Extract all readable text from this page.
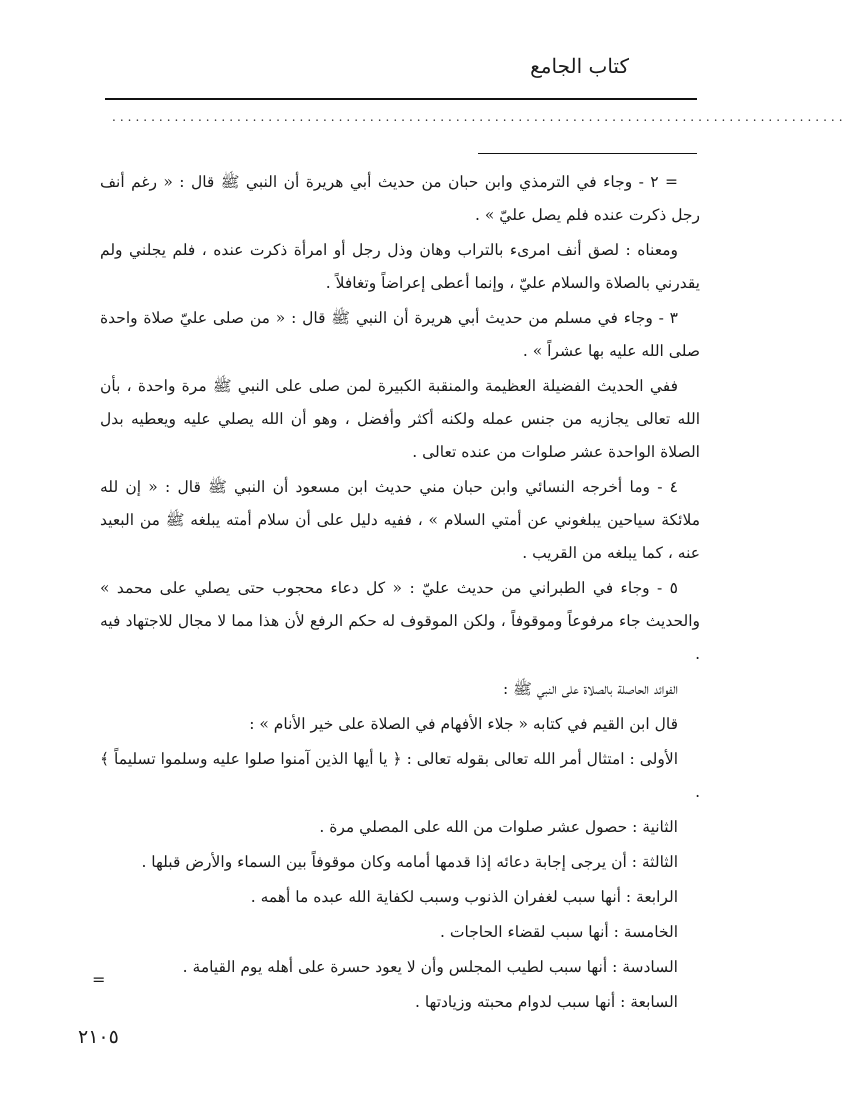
كتاب الجامع
..............................................................................................

= ٢ - وجاء في الترمذي وابن حبان من حديث أبي هريرة أن النبي ﷺ قال : « رغم أنف رجل ذكرت عنده فلم يصل عليّ » .

ومعناه : لصق أنف امرىء بالتراب وهان وذل رجل أو امرأة ذكرت عنده ، فلم يجلني ولم يقدرني بالصلاة والسلام عليّ ، وإنما أعطى إعراضاً وتغافلاً .

٣ - وجاء في مسلم من حديث أبي هريرة أن النبي ﷺ قال : « من صلى عليّ صلاة واحدة صلى الله عليه بها عشراً » .

ففي الحديث الفضيلة العظيمة والمنقبة الكبيرة لمن صلى على النبي ﷺ مرة واحدة ، بأن الله تعالى يجازيه من جنس عمله ولكنه أكثر وأفضل ، وهو أن الله يصلي عليه ويعطيه بدل الصلاة الواحدة عشر صلوات من عنده تعالى .

٤ - وما أخرجه النسائي وابن حبان مني حديث ابن مسعود أن النبي ﷺ قال : « إن لله ملائكة سياحين يبلغوني عن أمتي السلام » ، ففيه دليل على أن سلام أمته يبلغه ﷺ من البعيد عنه ، كما يبلغه من القريب .

٥ - وجاء في الطبراني من حديث عليّ : « كل دعاء محجوب حتى يصلي على محمد » والحديث جاء مرفوعاً وموقوفاً ، ولكن الموقوف له حكم الرفع لأن هذا مما لا مجال للاجتهاد فيه .

الفوائد الحاصلة بالصلاة على النبي ﷺ :

قال ابن القيم في كتابه « جلاء الأفهام في الصلاة على خير الأنام » :

الأولى : امتثال أمر الله تعالى بقوله تعالى : ﴿ يا أيها الذين آمنوا صلوا عليه وسلموا تسليماً ﴾ .

الثانية : حصول عشر صلوات من الله على المصلي مرة .

الثالثة : أن يرجى إجابة دعائه إذا قدمها أمامه وكان موقوفاً بين السماء والأرض قبلها .

الرابعة : أنها سبب لغفران الذنوب وسبب لكفاية الله عبده ما أهمه .

الخامسة : أنها سبب لقضاء الحاجات .

السادسة : أنها سبب لطيب المجلس وأن لا يعود حسرة على أهله يوم القيامة .

السابعة : أنها سبب لدوام محبته وزيادتها .

=
٢١٠٥
